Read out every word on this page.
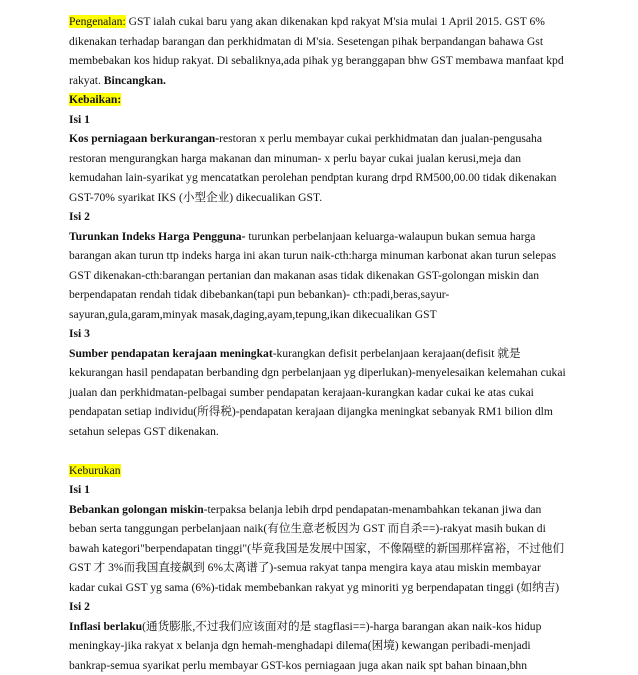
Pengenalan: GST ialah cukai baru yang akan dikenakan kpd rakyat M'sia mulai 1 April 2015. GST 6% dikenakan terhadap barangan dan perkhidmatan di M'sia. Sesetengan pihak berpandangan bahawa Gst membebakan kos hidup rakyat. Di sebaliknya,ada pihak yg beranggapan bhw GST membawa manfaat kpd rakyat. Bincangkan.

Kebaikan:

Isi 1

Kos perniagaan berkurangan-restoran x perlu membayar cukai perkhidmatan dan jualan-pengusaha restoran mengurangkan harga makanan dan minuman- x perlu bayar cukai jualan kerusi,meja dan kemudahan lain-syarikat yg mencatatkan perolehan pendptan kurang drpd RM500,00.00 tidak dikenakan GST-70% syarikat IKS (小型企业) dikecualikan GST.

Isi 2

Turunkan Indeks Harga Pengguna- turunkan perbelanjaan keluarga-walaupun bukan semua harga barangan akan turun ttp indeks harga ini akan turun naik-cth:harga minuman karbonat akan turun selepas GST dikenakan-cth:barangan pertanian dan makanan asas tidak dikenakan GST-golongan miskin dan berpendapatan rendah tidak dibebankan(tapi pun bebankan)- cth:padi,beras,sayur-sayuran,gula,garam,minyak masak,daging,ayam,tepung,ikan dikecualikan GST

Isi 3

Sumber pendapatan kerajaan meningkat-kurangkan defisit perbelanjaan kerajaan(defisit 就是 kekurangan hasil pendapatan berbanding dgn perbelanjaan yg diperlukan)-menyelesaikan kelemahan cukai jualan dan perkhidmatan-pelbagai sumber pendapatan kerajaan-kurangkan kadar cukai ke atas cukai pendapatan setiap individu(所得税)-pendapatan kerajaan dijangka meningkat sebanyak RM1 bilion dlm setahun selepas GST dikenakan.

Keburukan

Isi 1

Bebankan golongan miskin-terpaksa belanja lebih drpd pendapatan-menambahkan tekanan jiwa dan beban serta tanggungan perbelanjaan naik(有位生意老板因为 GST 而自杀==)-rakyat masih bukan di bawah kategori"berpendapatan tinggi"(毕竟我国是发展中国家，不像隔壁的新国那样富裕，不过他们 GST 才 3%而我国直接飙到 6%太离谱了)-semua rakyat tanpa mengira kaya atau miskin membayar kadar cukai GST yg sama (6%)-tidak membebankan rakyat yg minoriti yg berpendapatan tinggi (如纳吉)

Isi 2

Inflasi berlaku(通货膨胀,不过我们应该面对的是 stagflasi==)-harga barangan akan naik-kos hidup meningkay-jika rakyat x belanja dgn hemah-menghadapi dilema(困境) kewangan peribadi-menjadi bankrap-semua syarikat perlu membayar GST-kos perniagaan juga akan naik spt bahan binaan,bhn
